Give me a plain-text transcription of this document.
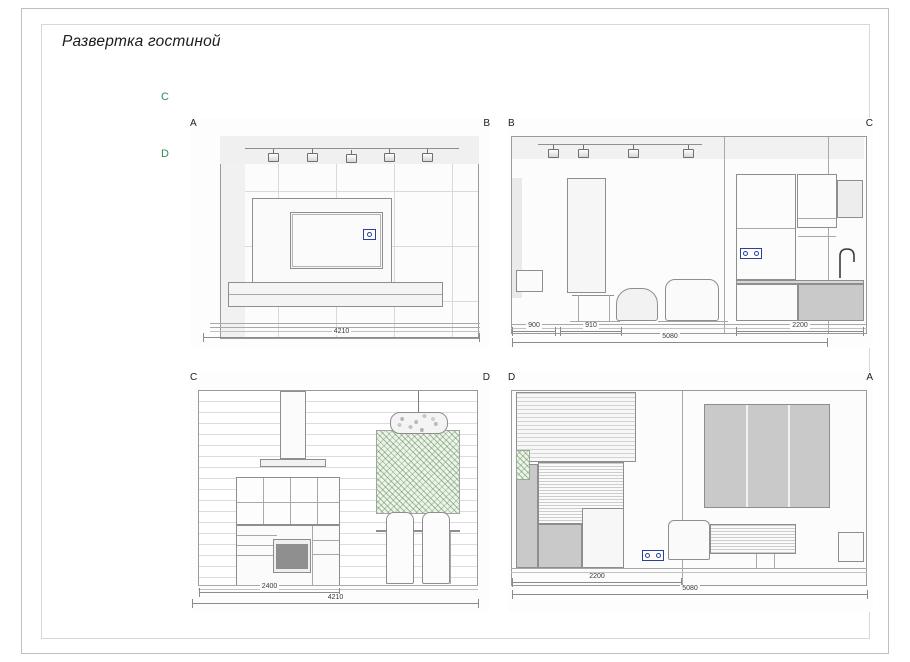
Развертка гостиной
C
D
A	B
4210
B	C
900	910
5080
2200
C	D
2400
4210
D	A
2200
5080
